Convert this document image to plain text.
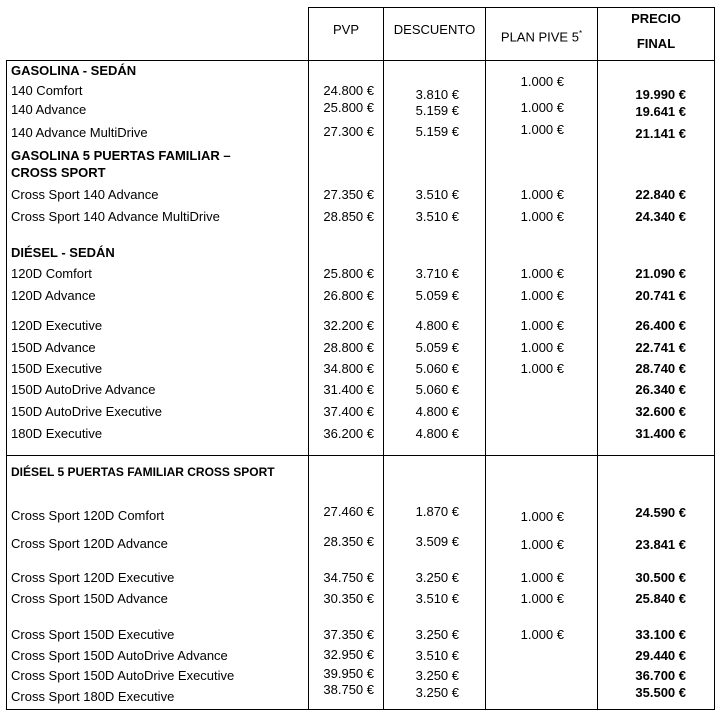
PVP	DESCUENTO	PLAN PIVE 5*
PRECIO
FINAL
GASOLINA - SEDÁN
GASOLINA 5 PUERTAS FAMILIAR –
CROSS SPORT
DIÉSEL - SEDÁN
DIÉSEL 5 PUERTAS FAMILIAR CROSS SPORT
140 Comfort
140 Advance
140 Advance MultiDrive
Cross Sport 140 Advance
Cross Sport 140 Advance MultiDrive
120D Comfort
120D Advance
120D Executive
150D Advance
150D Executive
150D AutoDrive Advance
150D AutoDrive Executive
180D Executive
Cross Sport 120D Comfort
Cross Sport 120D Advance
Cross Sport 120D Executive
Cross Sport 150D Advance
Cross Sport 150D Executive
Cross Sport 150D AutoDrive Advance
Cross Sport 150D AutoDrive Executive
Cross Sport 180D Executive
24.800 €
25.800 €
27.300 €
27.350 €
28.850 €
25.800 €
26.800 €
32.200 €
28.800 €
34.800 €
31.400 €
37.400 €
36.200 €
27.460 €
28.350 €
34.750 €
30.350 €
37.350 €
32.950 €
39.950 €
38.750 €
3.810 €
5.159 €
5.159 €
3.510 €
3.510 €
3.710 €
5.059 €
4.800 €
5.059 €
5.060 €
5.060 €
4.800 €
4.800 €
1.870 €
3.509 €
3.250 €
3.510 €
3.250 €
3.510 €
3.250 €
3.250 €
1.000 €
1.000 €
1.000 €
1.000 €
1.000 €
1.000 €
1.000 €
1.000 €
1.000 €
1.000 €
1.000 €
1.000 €
1.000 €
1.000 €
1.000 €
19.990 €
19.641 €
21.141 €
22.840 €
24.340 €
21.090 €
20.741 €
26.400 €
22.741 €
28.740 €
26.340 €
32.600 €
31.400 €
24.590 €
23.841 €
30.500 €
25.840 €
33.100 €
29.440 €
36.700 €
35.500 €
